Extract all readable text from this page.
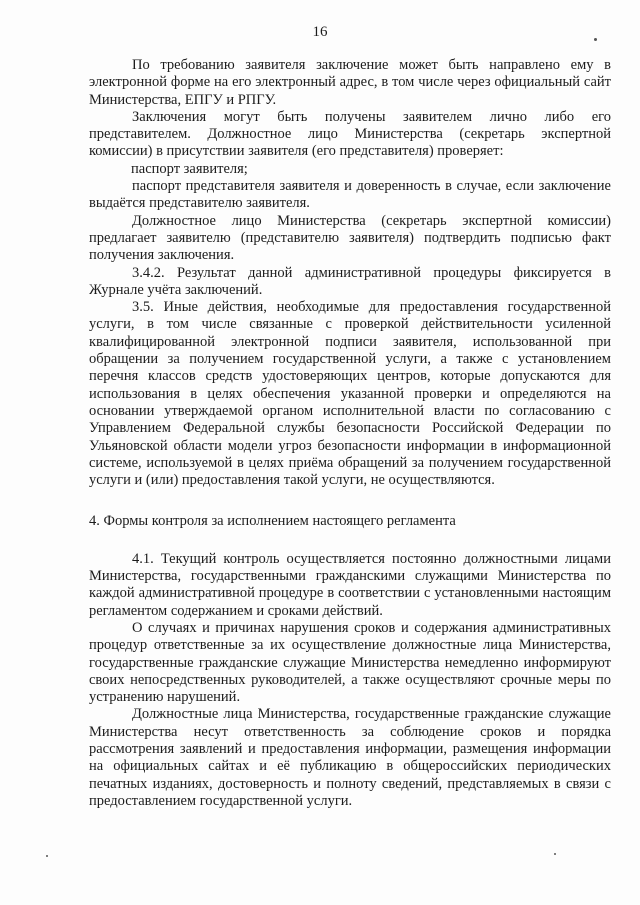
16

По требованию заявителя заключение может быть направлено ему в электронной форме на его электронный адрес, в том числе через официальный сайт Министерства, ЕПГУ и РПГУ.

Заключения могут быть получены заявителем лично либо его представителем. Должностное лицо Министерства (секретарь экспертной комиссии) в присутствии заявителя (его представителя) проверяет:

паспорт заявителя;

паспорт представителя заявителя и доверенность в случае, если заключение выдаётся представителю заявителя.

Должностное лицо Министерства (секретарь экспертной комиссии) предлагает заявителю (представителю заявителя) подтвердить подписью факт получения заключения.

3.4.2. Результат данной административной процедуры фиксируется в Журнале учёта заключений.

3.5. Иные действия, необходимые для предоставления государственной услуги, в том числе связанные с проверкой действительности усиленной квалифицированной электронной подписи заявителя, использованной при обращении за получением государственной услуги, а также с установлением перечня классов средств удостоверяющих центров, которые допускаются для использования в целях обеспечения указанной проверки и определяются на основании утверждаемой органом исполнительной власти по согласованию с Управлением Федеральной службы безопасности Российской Федерации по Ульяновской области модели угроз безопасности информации в информационной системе, используемой в целях приёма обращений за получением государственной услуги и (или) предоставления такой услуги, не осуществляются.

4. Формы контроля за исполнением настоящего регламента

4.1. Текущий контроль осуществляется постоянно должностными лицами Министерства, государственными гражданскими служащими Министерства по каждой административной процедуре в соответствии с установленными настоящим регламентом содержанием и сроками действий.

О случаях и причинах нарушения сроков и содержания административных процедур ответственные за их осуществление должностные лица Министерства, государственные гражданские служащие Министерства немедленно информируют своих непосредственных руководителей, а также осуществляют срочные меры по устранению нарушений.

Должностные лица Министерства, государственные гражданские служащие Министерства несут ответственность за соблюдение сроков и порядка рассмотрения заявлений и предоставления информации, размещения информации на официальных сайтах и её публикацию в общероссийских периодических печатных изданиях, достоверность и полноту сведений, представляемых в связи с предоставлением государственной услуги.
